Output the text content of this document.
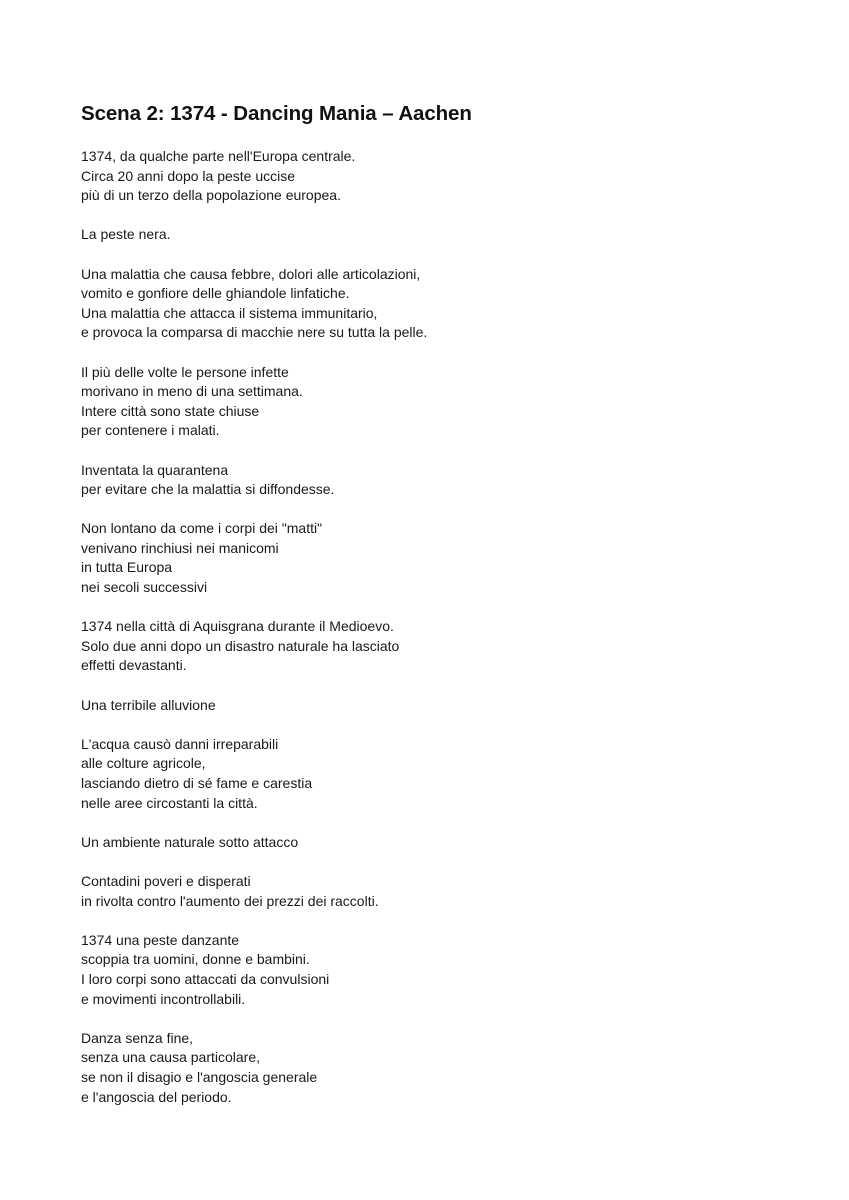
Scena 2: 1374 - Dancing Mania – Aachen
1374, da qualche parte nell'Europa centrale.
Circa 20 anni dopo la peste uccise
più di un terzo della popolazione europea.
La peste nera.
Una malattia che causa febbre, dolori alle articolazioni,
vomito e gonfiore delle ghiandole linfatiche.
Una malattia che attacca il sistema immunitario,
e provoca la comparsa di macchie nere su tutta la pelle.
Il più delle volte le persone infette
morivano in meno di una settimana.
Intere città sono state chiuse
per contenere i malati.
Inventata la quarantena
per evitare che la malattia si diffondesse.
Non lontano da come i corpi dei "matti"
venivano rinchiusi nei manicomi
in tutta Europa
nei secoli successivi
1374 nella città di Aquisgrana durante il Medioevo.
Solo due anni dopo un disastro naturale ha lasciato
effetti devastanti.
Una terribile alluvione
L'acqua causò danni irreparabili
alle colture agricole,
lasciando dietro di sé fame e carestia
nelle aree circostanti la città.
Un ambiente naturale sotto attacco
Contadini poveri e disperati
in rivolta contro l'aumento dei prezzi dei raccolti.
1374 una peste danzante
scoppia tra uomini, donne e bambini.
I loro corpi sono attaccati da convulsioni
e movimenti incontrollabili.
Danza senza fine,
senza una causa particolare,
se non il disagio e l'angoscia generale
e l'angoscia del periodo.
